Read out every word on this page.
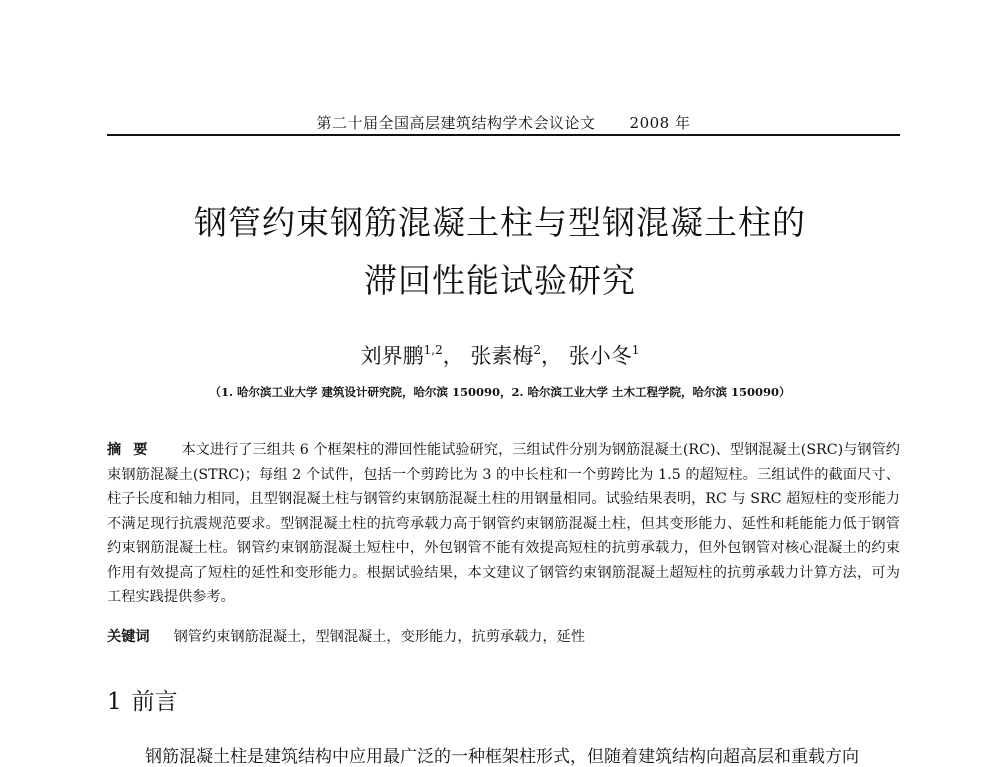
第二十届全国高层建筑结构学术会议论文 2008 年
钢管约束钢筋混凝土柱与型钢混凝土柱的
滞回性能试验研究
刘界鹏$^{1,2}$， 张素梅$^2$， 张小冬$^1$
（1. 哈尔滨工业大学 建筑设计研究院，哈尔滨 150090，2. 哈尔滨工业大学 土木工程学院，哈尔滨 150090）
摘要 本文进行了三组共 6 个框架柱的滞回性能试验研究，三组试件分别为钢筋混凝土(RC)、型钢混凝土(SRC)与钢管约束钢筋混凝土(STRC)；每组 2 个试件，包括一个剪跨比为 3 的中长柱和一个剪跨比为 1.5 的超短柱。三组试件的截面尺寸、柱子长度和轴力相同，且型钢混凝土柱与钢管约束钢筋混凝土柱的用钢量相同。试验结果表明，RC 与 SRC 超短柱的变形能力不满足现行抗震规范要求。型钢混凝土柱的抗弯承载力高于钢管约束钢筋混凝土柱，但其变形能力、延性和耗能能力低于钢管约束钢筋混凝土柱。钢管约束钢筋混凝土短柱中，外包钢管不能有效提高短柱的抗剪承载力，但外包钢管对核心混凝土的约束作用有效提高了短柱的延性和变形能力。根据试验结果，本文建议了钢管约束钢筋混凝土超短柱的抗剪承载力计算方法，可为工程实践提供参考。
关键词 钢管约束钢筋混凝土，型钢混凝土，变形能力，抗剪承载力，延性
1 前言
钢筋混凝土柱是建筑结构中应用最广泛的一种框架柱形式，但随着建筑结构向超高层和重载方向
